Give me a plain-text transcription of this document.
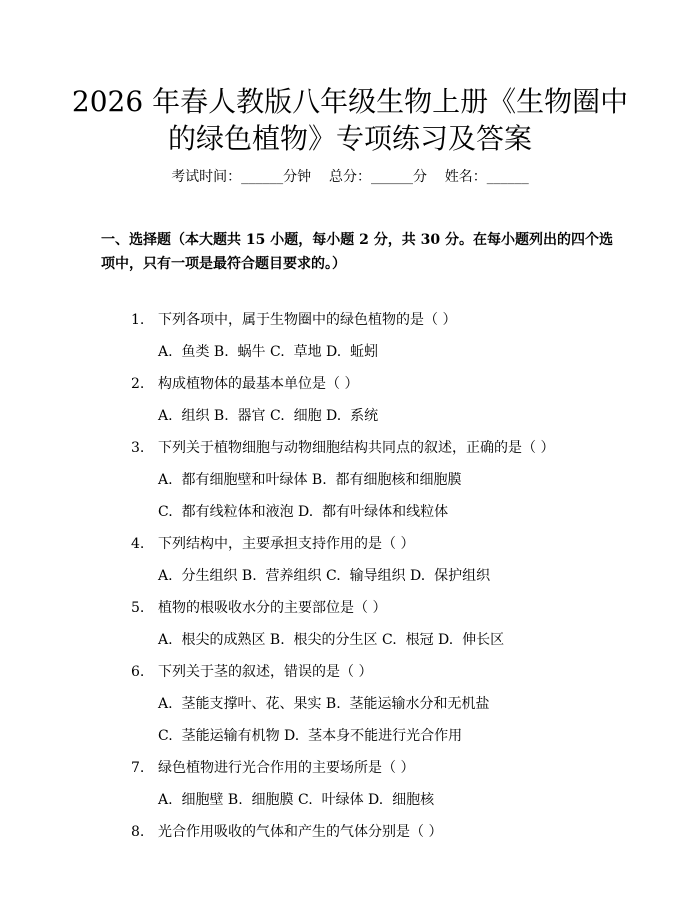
2026 年春人教版八年级生物上册《生物圈中
的绿色植物》专项练习及答案
考试时间：______分钟    总分：______分    姓名：______
一、选择题（本大题共 15 小题，每小题 2 分，共 30 分。在每小题列出的四个选项中，只有一项是最符合题目要求的。）
1. 下列各项中，属于生物圈中的绿色植物的是（ ）
A.  鱼类 B.  蜗牛 C.  草地 D.  蚯蚓
2. 构成植物体的最基本单位是（ ）
A.  组织 B.  器官 C.  细胞 D.  系统
3. 下列关于植物细胞与动物细胞结构共同点的叙述，正确的是（ ）
A.  都有细胞壁和叶绿体 B.  都有细胞核和细胞膜
C.  都有线粒体和液泡 D.  都有叶绿体和线粒体
4. 下列结构中，主要承担支持作用的是（ ）
A.  分生组织 B.  营养组织 C.  输导组织 D.  保护组织
5. 植物的根吸收水分的主要部位是（ ）
A.  根尖的成熟区 B.  根尖的分生区 C.  根冠 D.  伸长区
6. 下列关于茎的叙述，错误的是（ ）
A.  茎能支撑叶、花、果实 B.  茎能运输水分和无机盐
C.  茎能运输有机物 D.  茎本身不能进行光合作用
7. 绿色植物进行光合作用的主要场所是（ ）
A.  细胞壁 B.  细胞膜 C.  叶绿体 D.  细胞核
8. 光合作用吸收的气体和产生的气体分别是（ ）
